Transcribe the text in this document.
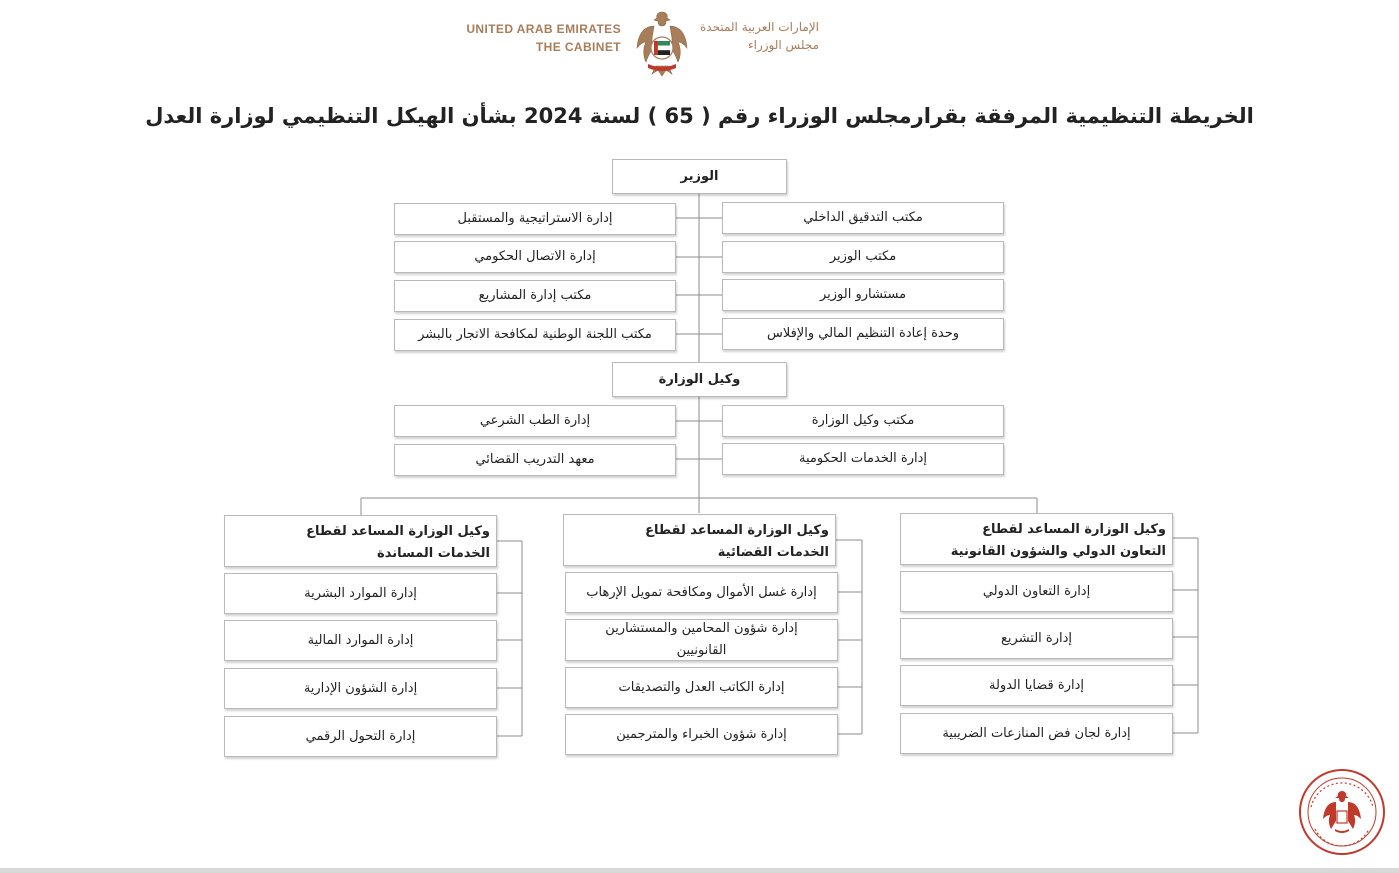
UNITED ARAB EMIRATES
THE CABINET
الإمارات العربية المتحدة
مجلس الوزراء
الخريطة التنظيمية المرفقة بقرارمجلس الوزراء رقم ( 65 ) لسنة 2024 بشأن الهيكل التنظيمي لوزارة العدل
الوزير
مكتب التدقيق الداخلي
مكتب الوزير
مستشارو الوزير
وحدة إعادة التنظيم المالي والإفلاس
إدارة الاستراتيجية والمستقبل
إدارة الاتصال الحكومي
مكتب إدارة المشاريع
مكتب اللجنة الوطنية لمكافحة الاتجار بالبشر
وكيل الوزارة
مكتب وكيل الوزارة
إدارة الخدمات الحكومية
إدارة الطب الشرعي
معهد التدريب القضائي
وكيل الوزارة المساعد لقطاع
التعاون الدولي والشؤون القانونية
وكيل الوزارة المساعد لقطاع
الخدمات القضائية
وكيل الوزارة المساعد لقطاع
الخدمات المساندة
إدارة التعاون الدولي
إدارة التشريع
إدارة قضايا الدولة
إدارة لجان فض المنازعات الضريبية
إدارة غسل الأموال ومكافحة تمويل الإرهاب
إدارة شؤون المحامين والمستشارين القانونيين
إدارة الكاتب العدل والتصديقات
إدارة شؤون الخبراء والمترجمين
إدارة الموارد البشرية
إدارة الموارد المالية
إدارة الشؤون الإدارية
إدارة التحول الرقمي
